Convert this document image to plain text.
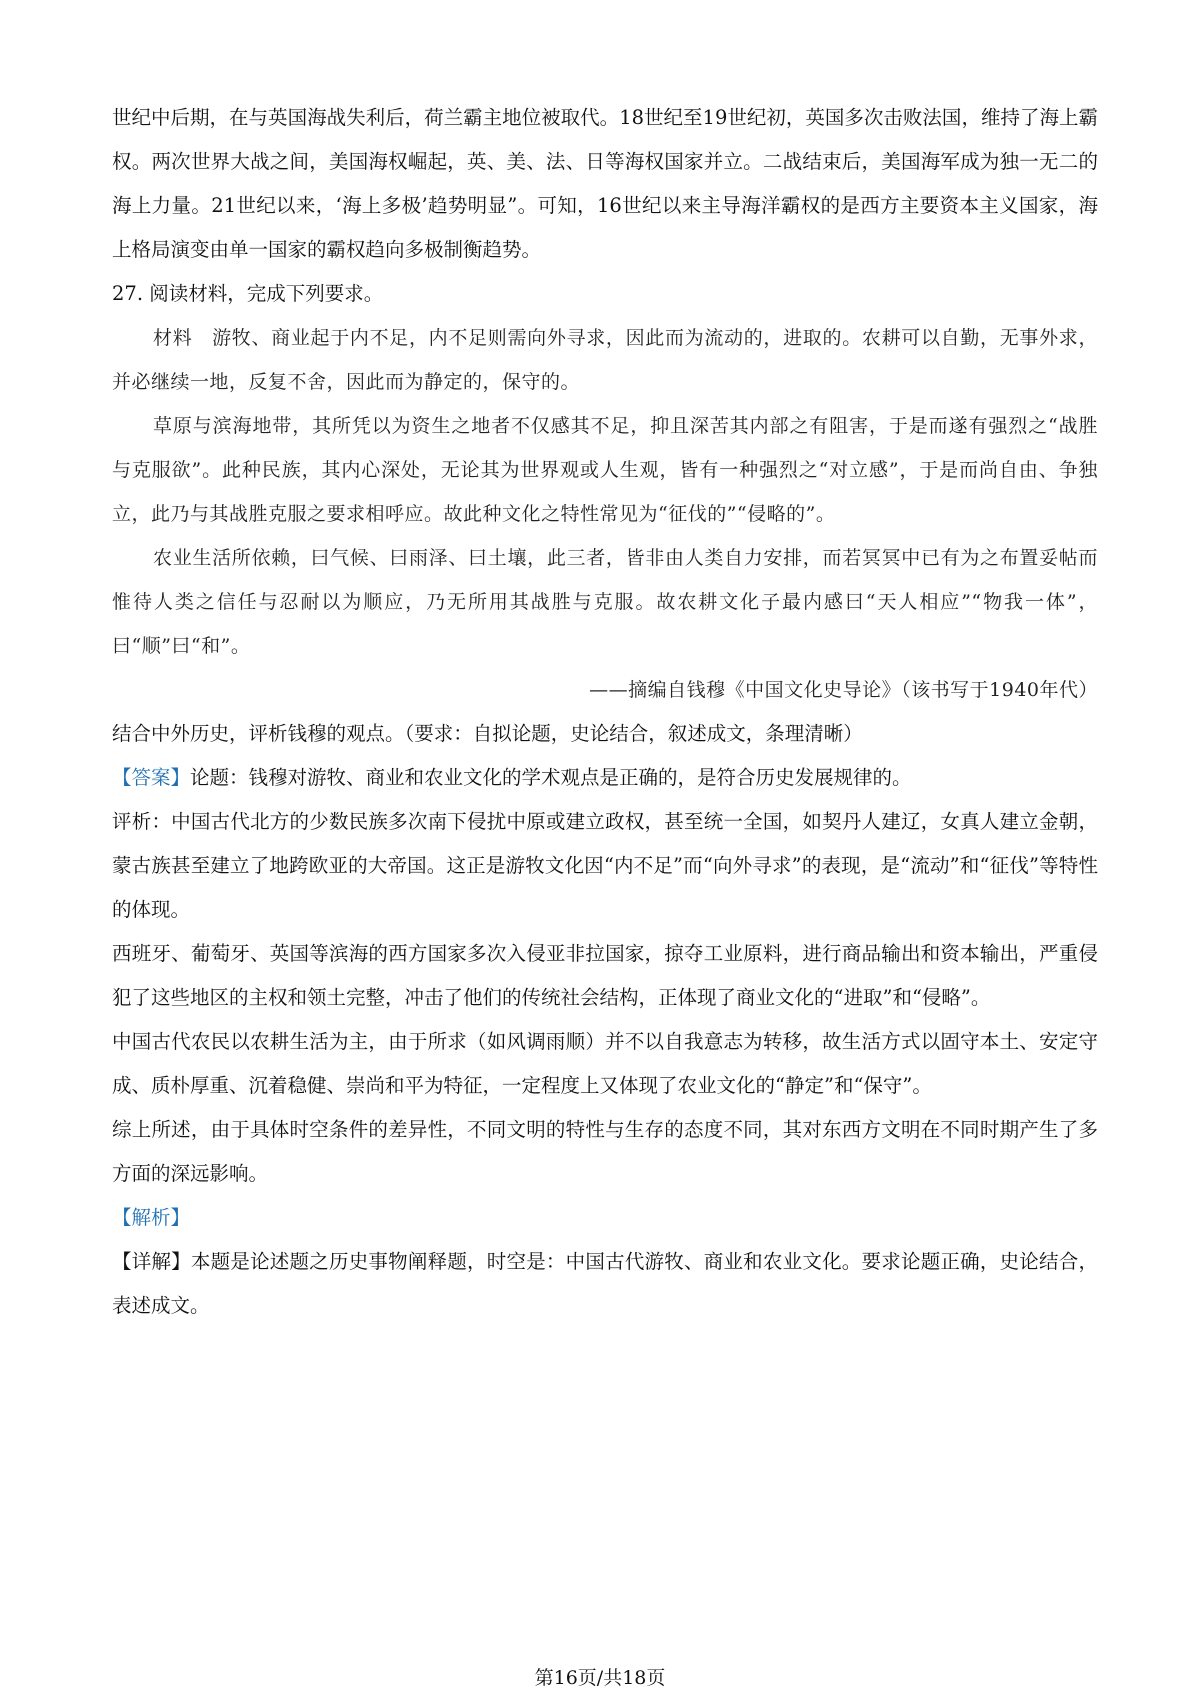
世纪中后期，在与英国海战失利后，荷兰霸主地位被取代。18世纪至19世纪初，英国多次击败法国，维持了海上霸权。两次世界大战之间，美国海权崛起，英、美、法、日等海权国家并立。二战结束后，美国海军成为独一无二的海上力量。21世纪以来，‘海上多极’趋势明显”。可知，16世纪以来主导海洋霸权的是西方主要资本主义国家，海上格局演变由单一国家的霸权趋向多极制衡趋势。

27. 阅读材料，完成下列要求。

材料　游牧、商业起于内不足，内不足则需向外寻求，因此而为流动的，进取的。农耕可以自勤，无事外求，并必继续一地，反复不舍，因此而为静定的，保守的。

草原与滨海地带，其所凭以为资生之地者不仅感其不足，抑且深苦其内部之有阻害，于是而遂有强烈之“战胜与克服欲”。此种民族，其内心深处，无论其为世界观或人生观，皆有一种强烈之“对立感”，于是而尚自由、争独立，此乃与其战胜克服之要求相呼应。故此种文化之特性常见为“征伐的”“侵略的”。

农业生活所依赖，曰气候、曰雨泽、曰土壤，此三者，皆非由人类自力安排，而若冥冥中已有为之布置妥帖而惟待人类之信任与忍耐以为顺应，乃无所用其战胜与克服。故农耕文化子最内感曰“天人相应”“物我一体”，曰“顺”曰“和”。

——摘编自钱穆《中国文化史导论》（该书写于1940年代）

结合中外历史，评析钱穆的观点。（要求：自拟论题，史论结合，叙述成文，条理清晰）

【答案】论题：钱穆对游牧、商业和农业文化的学术观点是正确的，是符合历史发展规律的。

评析：中国古代北方的少数民族多次南下侵扰中原或建立政权，甚至统一全国，如契丹人建辽，女真人建立金朝，蒙古族甚至建立了地跨欧亚的大帝国。这正是游牧文化因“内不足”而“向外寻求”的表现，是“流动”和“征伐”等特性的体现。

西班牙、葡萄牙、英国等滨海的西方国家多次入侵亚非拉国家，掠夺工业原料，进行商品输出和资本输出，严重侵犯了这些地区的主权和领土完整，冲击了他们的传统社会结构，正体现了商业文化的“进取”和“侵略”。

中国古代农民以农耕生活为主，由于所求（如风调雨顺）并不以自我意志为转移，故生活方式以固守本土、安定守成、质朴厚重、沉着稳健、崇尚和平为特征，一定程度上又体现了农业文化的“静定”和“保守”。

综上所述，由于具体时空条件的差异性，不同文明的特性与生存的态度不同，其对东西方文明在不同时期产生了多方面的深远影响。

【解析】

【详解】本题是论述题之历史事物阐释题，时空是：中国古代游牧、商业和农业文化。要求论题正确，史论结合，表述成文。

第16页/共18页
